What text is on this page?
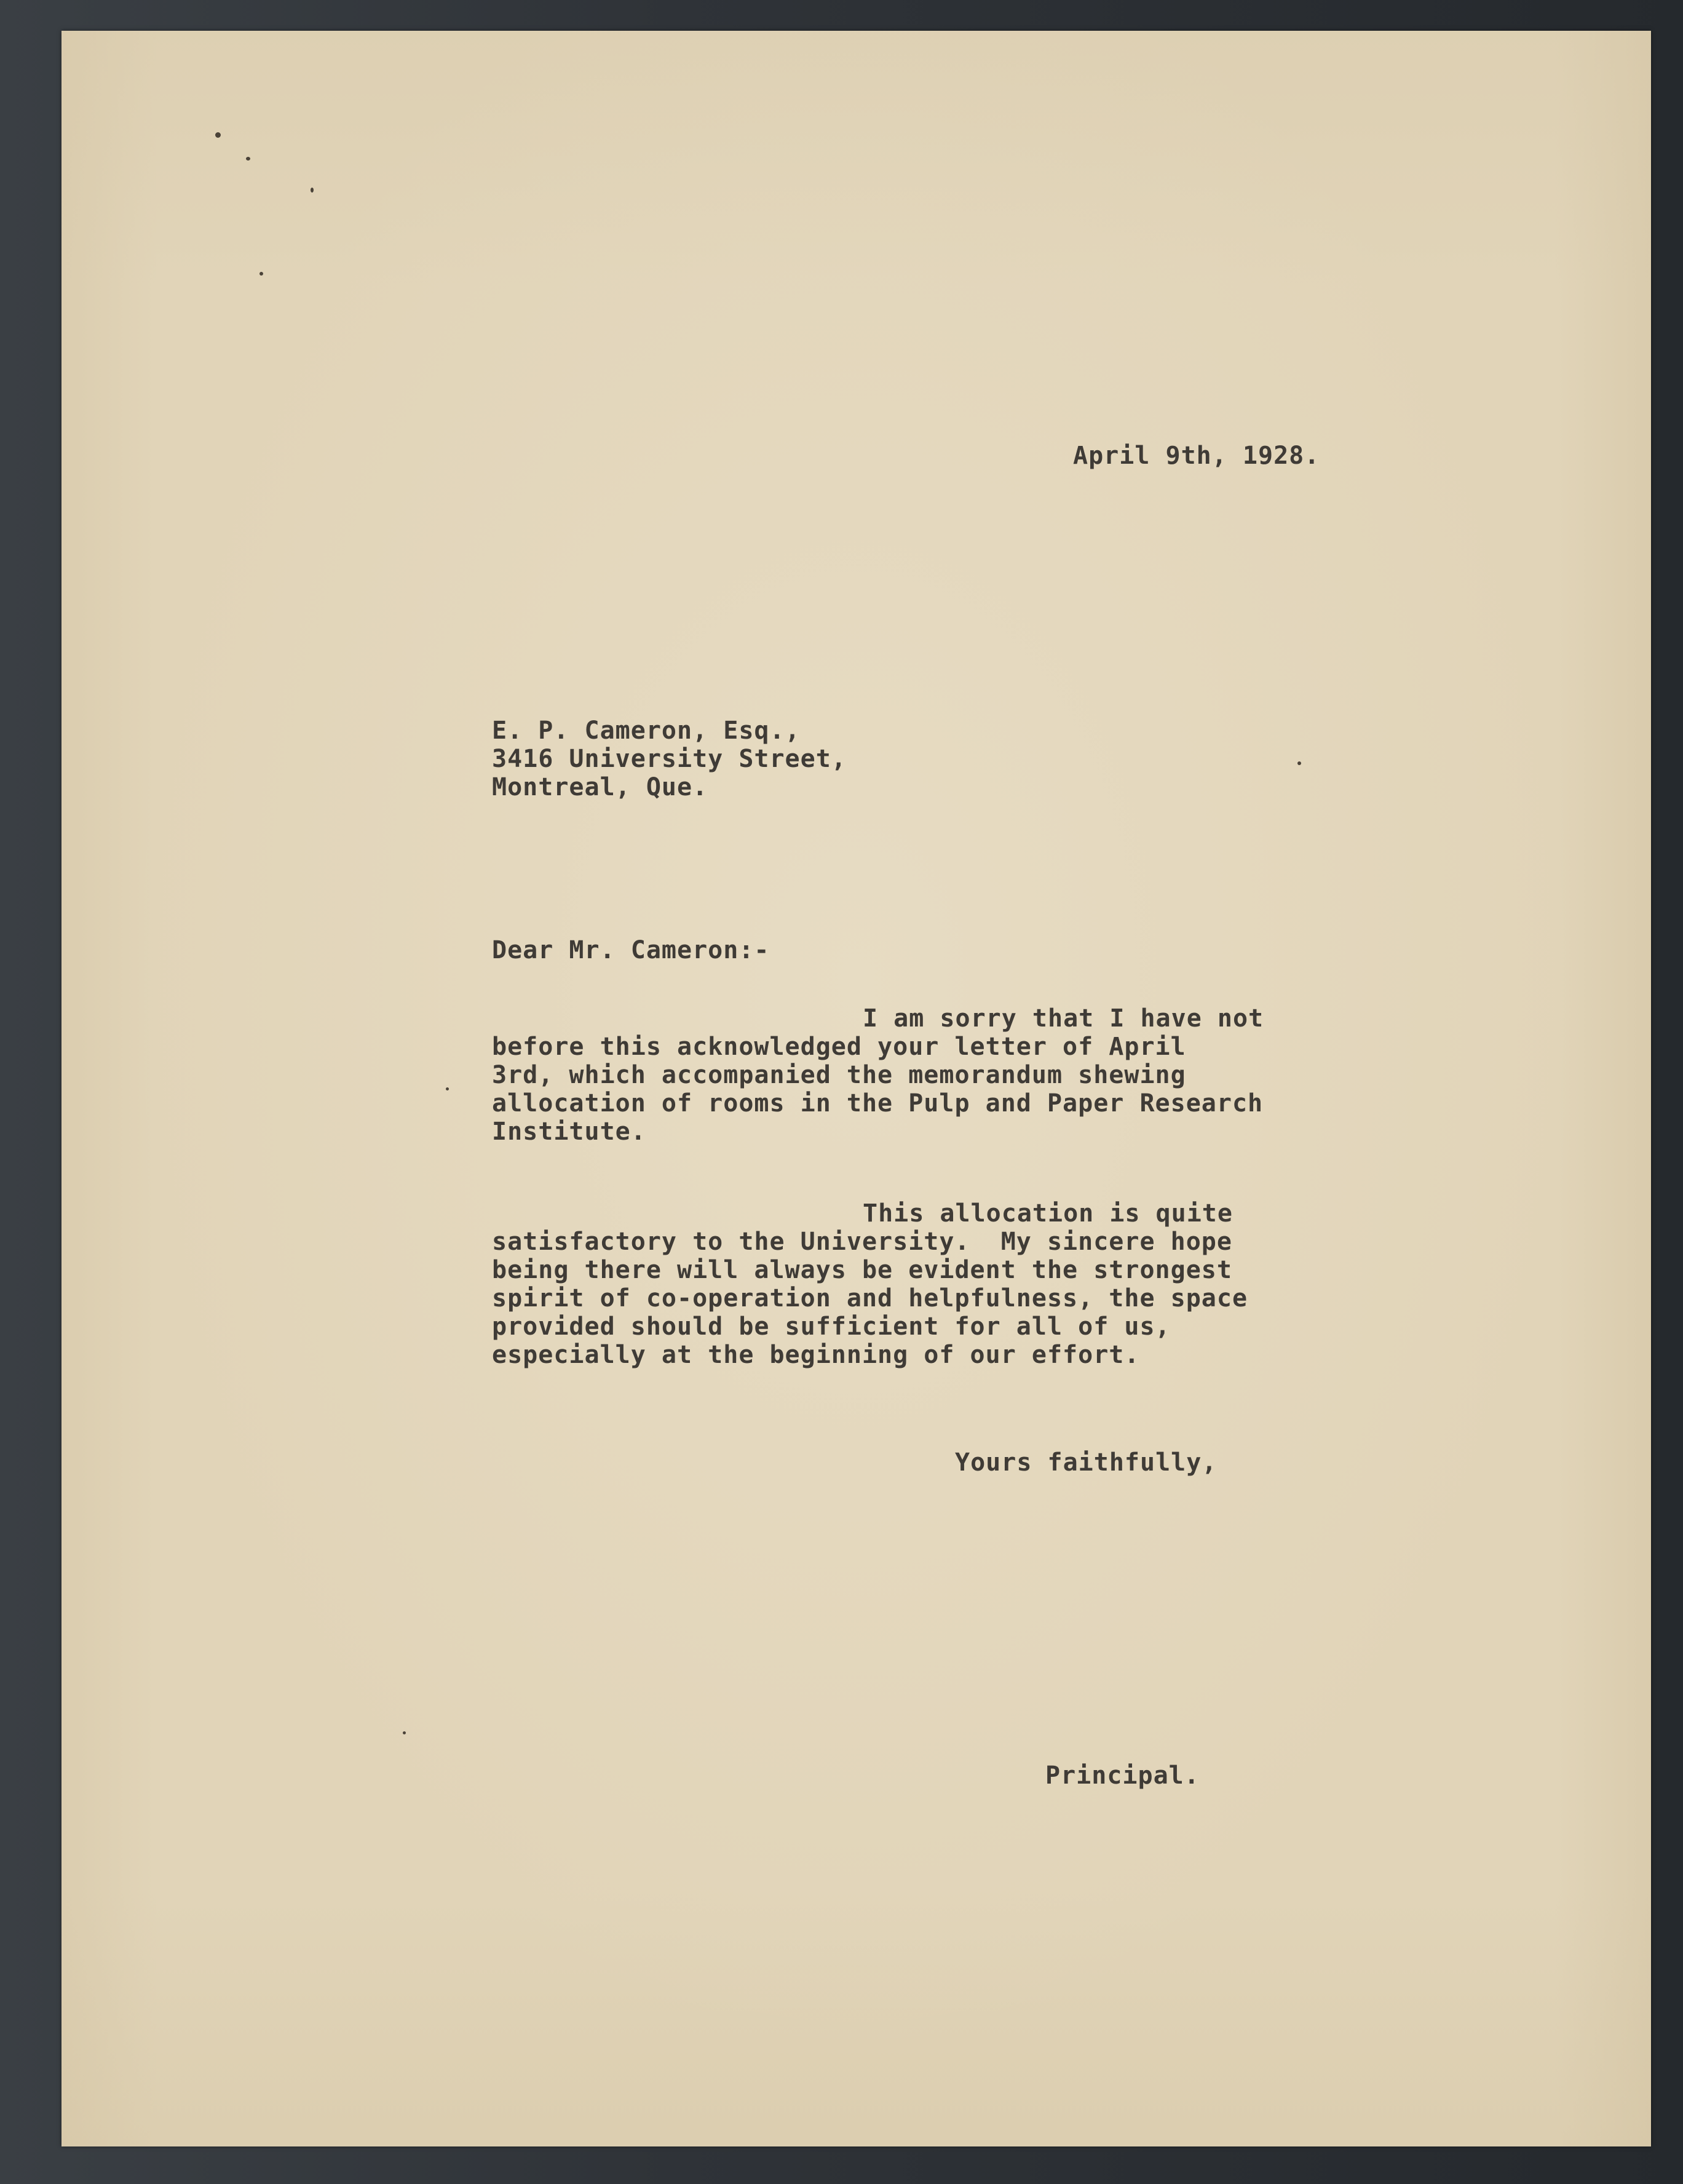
April 9th, 1928.

E. P. Cameron, Esq.,

3416 University Street,

Montreal, Que.

Dear Mr. Cameron:-

I am sorry that I have not
before this acknowledged your letter of April
3rd, which accompanied the memorandum shewing
allocation of rooms in the Pulp and Paper Research
Institute.
This allocation is quite
satisfactory to the University.  My sincere hope
being there will always be evident the strongest
spirit of co-operation and helpfulness, the space
provided should be sufficient for all of us,
especially at the beginning of our effort.

Yours faithfully,

Principal.
